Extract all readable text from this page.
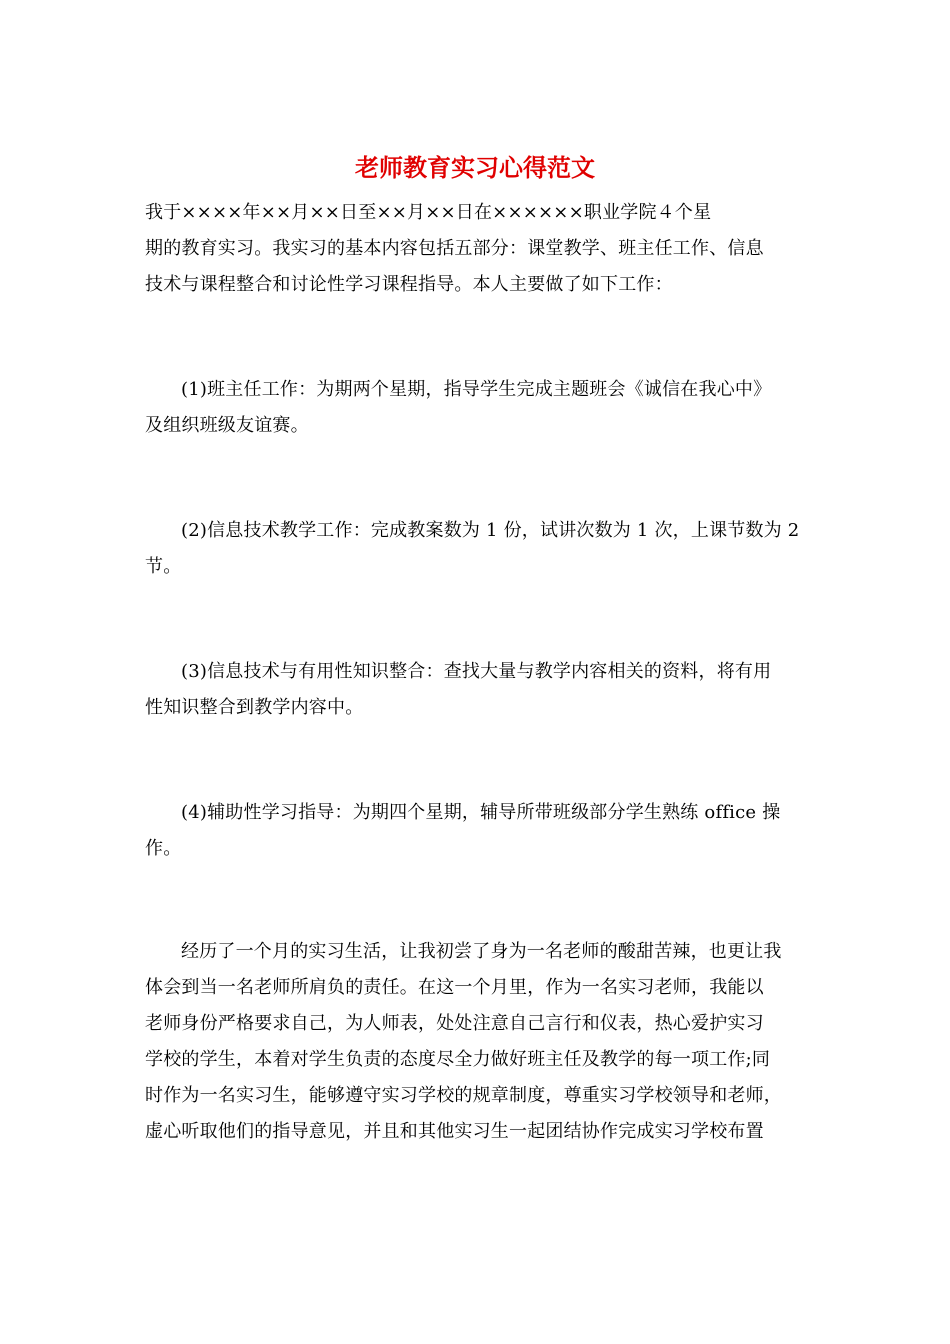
老师教育实习心得范文
我于××××年××月××日至××月××日在××××××职业学院４个星
期的教育实习。我实习的基本内容包括五部分：课堂教学、班主任工作、信息
技术与课程整合和讨论性学习课程指导。本人主要做了如下工作：
(1)班主任工作：为期两个星期，指导学生完成主题班会《诚信在我心中》
及组织班级友谊赛。
(2)信息技术教学工作：完成教案数为 1 份，试讲次数为 1 次，上课节数为 2
节。
(3)信息技术与有用性知识整合：查找大量与教学内容相关的资料，将有用
性知识整合到教学内容中。
(4)辅助性学习指导：为期四个星期，辅导所带班级部分学生熟练 office 操
作。
经历了一个月的实习生活，让我初尝了身为一名老师的酸甜苦辣，也更让我
体会到当一名老师所肩负的责任。在这一个月里，作为一名实习老师，我能以
老师身份严格要求自己，为人师表，处处注意自己言行和仪表，热心爱护实习
学校的学生，本着对学生负责的态度尽全力做好班主任及教学的每一项工作;同
时作为一名实习生，能够遵守实习学校的规章制度，尊重实习学校领导和老师，
虚心听取他们的指导意见，并且和其他实习生一起团结协作完成实习学校布置
